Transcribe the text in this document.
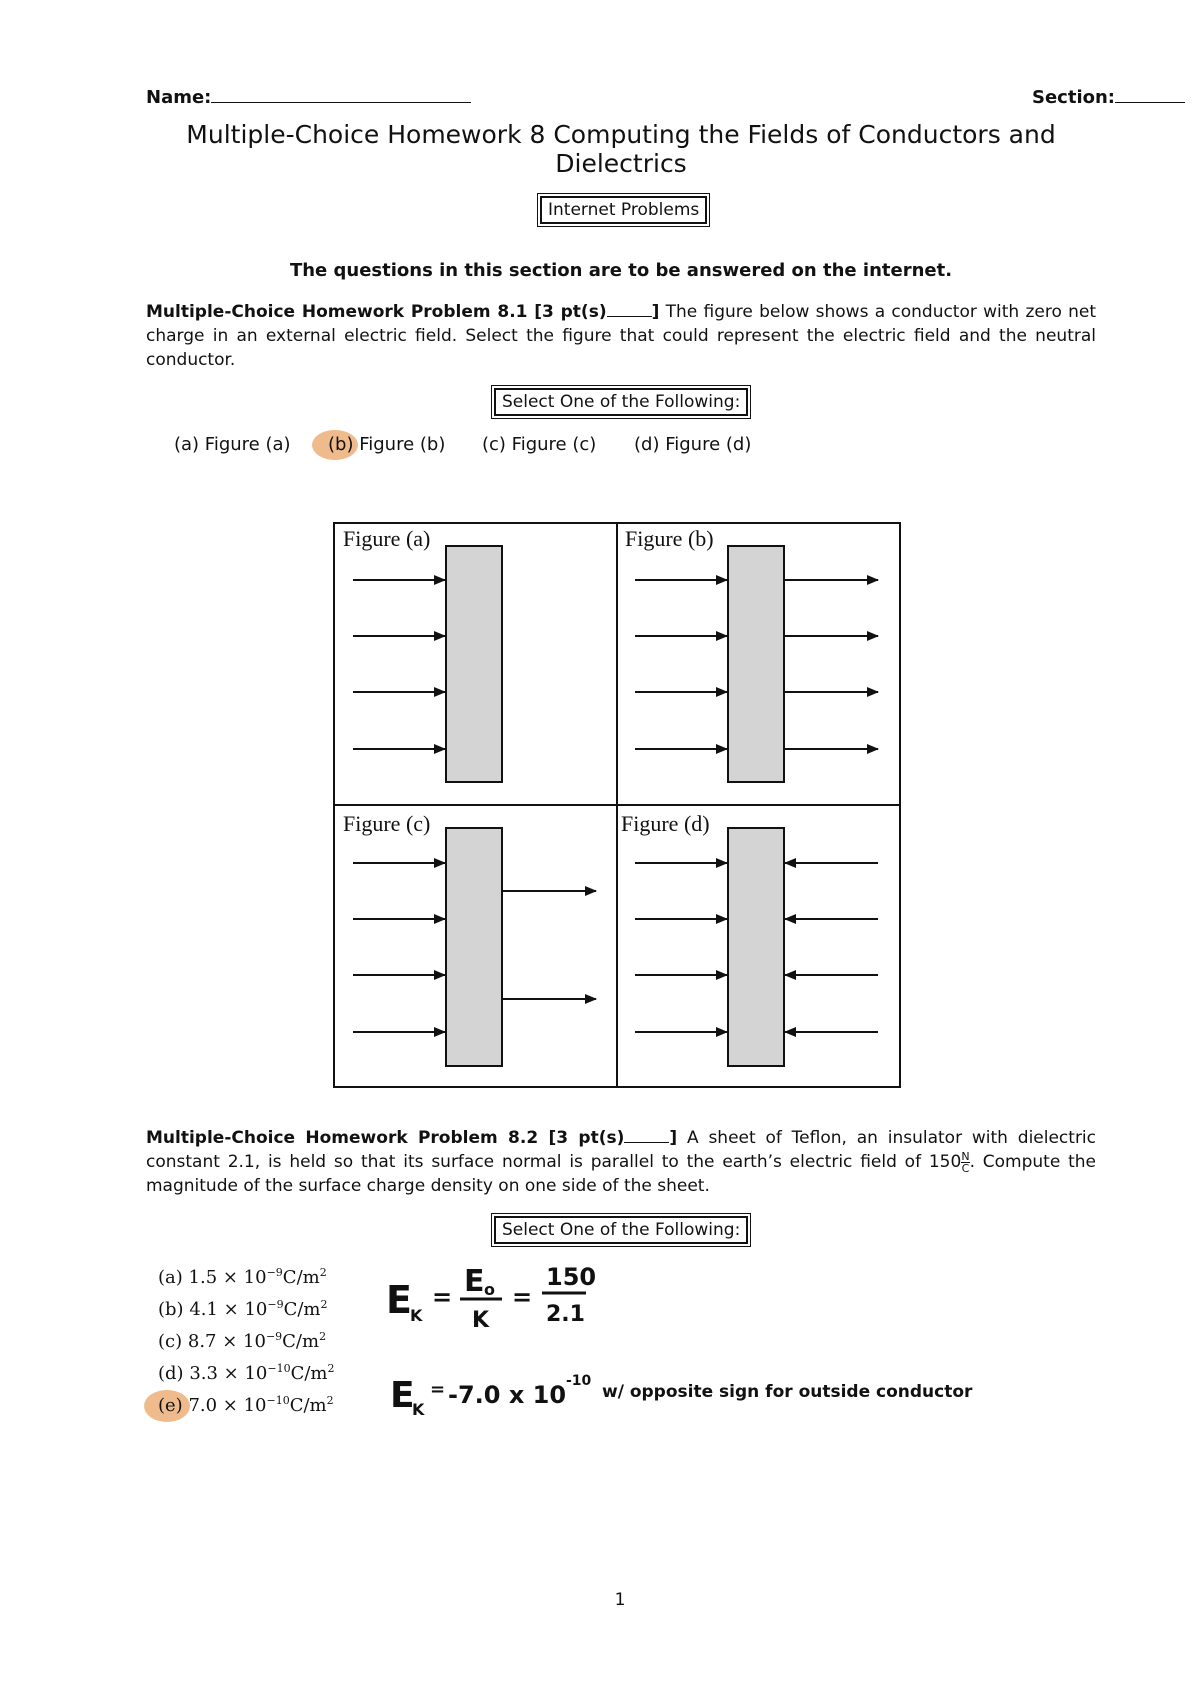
Name:	Section:
Multiple-Choice Homework 8 Computing the Fields of Conductors and Dielectrics
Internet Problems
The questions in this section are to be answered on the internet.
Multiple-Choice Homework Problem 8.1 [3 pt(s)	] The figure below shows a conductor with zero net charge in an external electric field. Select the figure that could represent the electric field and the neutral conductor.
Select One of the Following:
(a) Figure (a) (b) Figure (b) (c) Figure (c) (d) Figure (d)
Figure (a)	Figure (b)
Figure (c)	Figure (d)
Multiple-Choice Homework Problem 8.2 [3 pt(s)	] A sheet of Teflon, an insulator with dielectric constant 2.1, is held so that its surface normal is parallel to the earth’s electric field of $150 \frac{N}{C}$ . Compute the magnitude of the surface charge density on one side of the sheet.
Select One of the Following:
(a) $1.5 \times 10^{-9}C/m^2$
(b) $4.1 \times 10^{-9}C/m^2$
(c) $8.7 \times 10^{-9}C/m^2$
(d) $3.3 \times 10^{-10}C/m^2$
(e) $7.0 \times 10^{-10}C/m^2$
E
K
= E o
K
=
150
2.1
E
K
= -7.0 x 10 -10
w/ opposite sign for outside conductor
1
